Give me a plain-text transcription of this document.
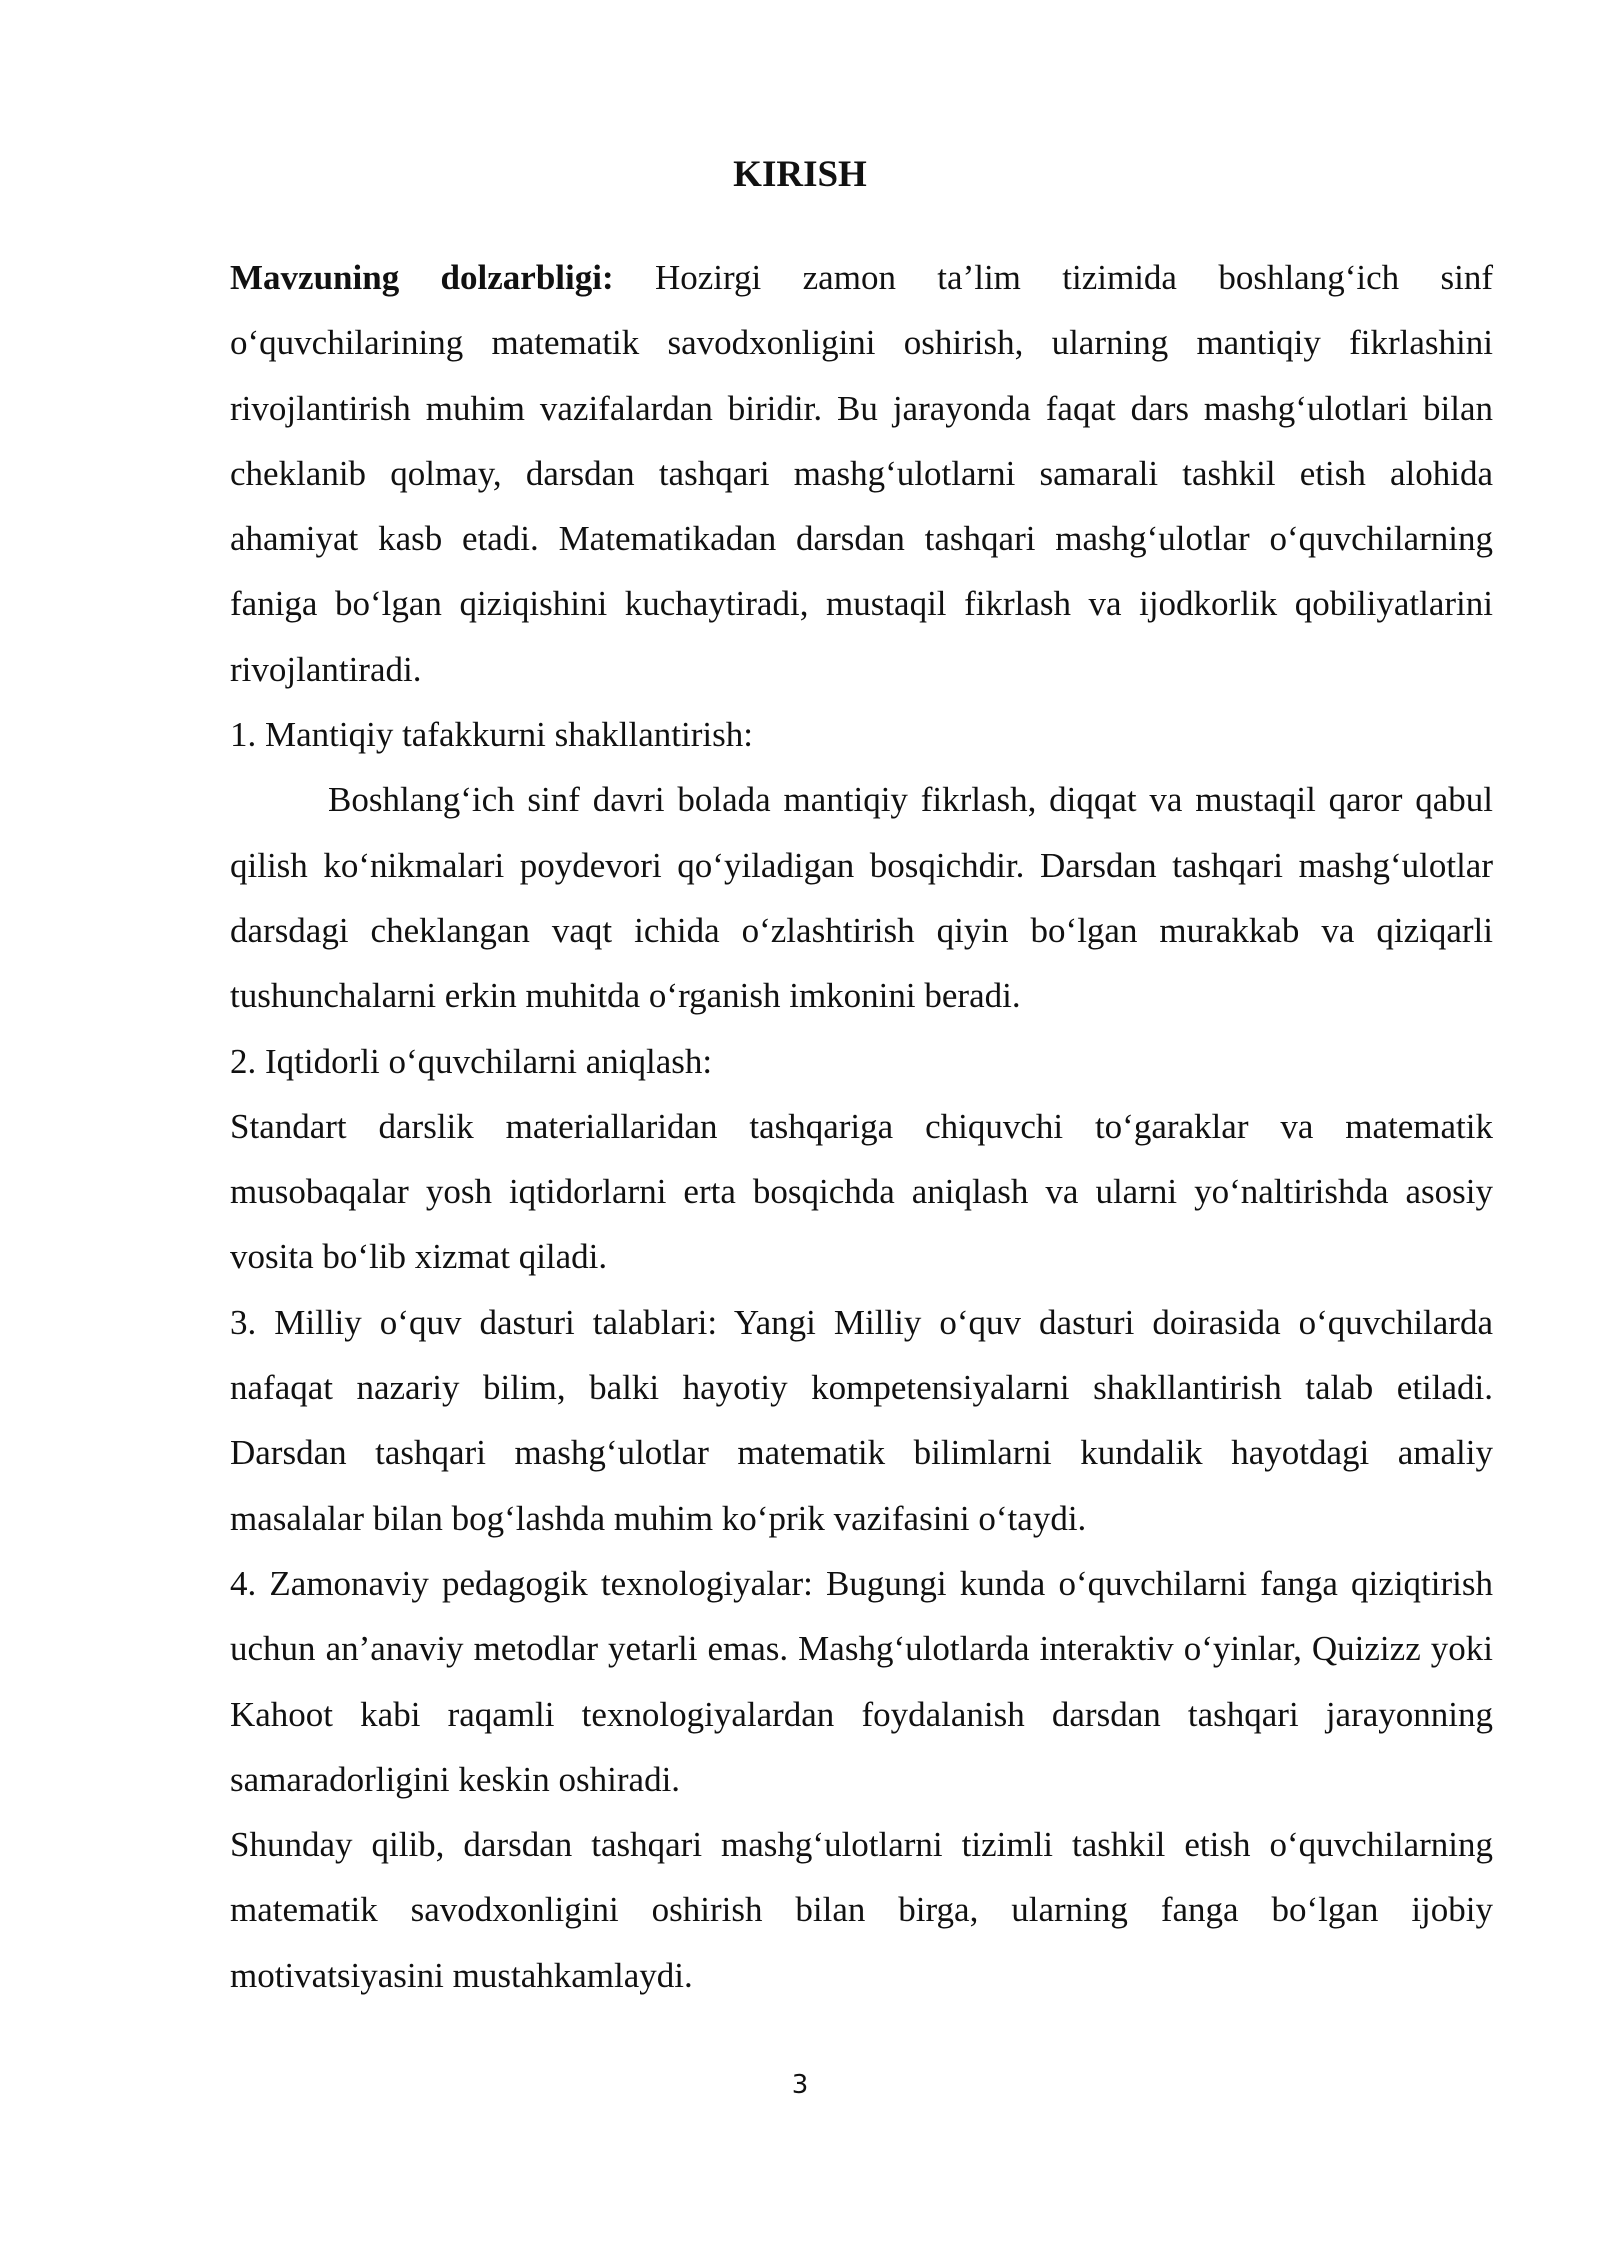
KIRISH

Mavzuning dolzarbligi: Hozirgi zamon ta’lim tizimida boshlang‘ich sinf o‘quvchilarining matematik savodxonligini oshirish, ularning mantiqiy fikrlashini rivojlantirish muhim vazifalardan biridir. Bu jarayonda faqat dars mashg‘ulotlari bilan cheklanib qolmay, darsdan tashqari mashg‘ulotlarni samarali tashkil etish alohida ahamiyat kasb etadi. Matematikadan darsdan tashqari mashg‘ulotlar o‘quvchilarning faniga bo‘lgan qiziqishini kuchaytiradi, mustaqil fikrlash va ijodkorlik qobiliyatlarini rivojlantiradi.

1. Mantiqiy tafakkurni shakllantirish:

Boshlang‘ich sinf davri bolada mantiqiy fikrlash, diqqat va mustaqil qaror qabul qilish ko‘nikmalari poydevori qo‘yiladigan bosqichdir. Darsdan tashqari mashg‘ulotlar darsdagi cheklangan vaqt ichida o‘zlashtirish qiyin bo‘lgan murakkab va qiziqarli tushunchalarni erkin muhitda o‘rganish imkonini beradi.

2. Iqtidorli o‘quvchilarni aniqlash:

Standart darslik materiallaridan tashqariga chiquvchi to‘garaklar va matematik musobaqalar yosh iqtidorlarni erta bosqichda aniqlash va ularni yo‘naltirishda asosiy vosita bo‘lib xizmat qiladi.

3. Milliy o‘quv dasturi talablari: Yangi Milliy o‘quv dasturi doirasida o‘quvchilarda nafaqat nazariy bilim, balki hayotiy kompetensiyalarni shakllantirish talab etiladi. Darsdan tashqari mashg‘ulotlar matematik bilimlarni kundalik hayotdagi amaliy masalalar bilan bog‘lashda muhim ko‘prik vazifasini o‘taydi.

4. Zamonaviy pedagogik texnologiyalar: Bugungi kunda o‘quvchilarni fanga qiziqtirish uchun an’anaviy metodlar yetarli emas. Mashg‘ulotlarda interaktiv o‘yinlar, Quizizz yoki Kahoot kabi raqamli texnologiyalardan foydalanish darsdan tashqari jarayonning samaradorligini keskin oshiradi.

Shunday qilib, darsdan tashqari mashg‘ulotlarni tizimli tashkil etish o‘quvchilarning matematik savodxonligini oshirish bilan birga, ularning fanga bo‘lgan ijobiy motivatsiyasini mustahkamlaydi.

3
